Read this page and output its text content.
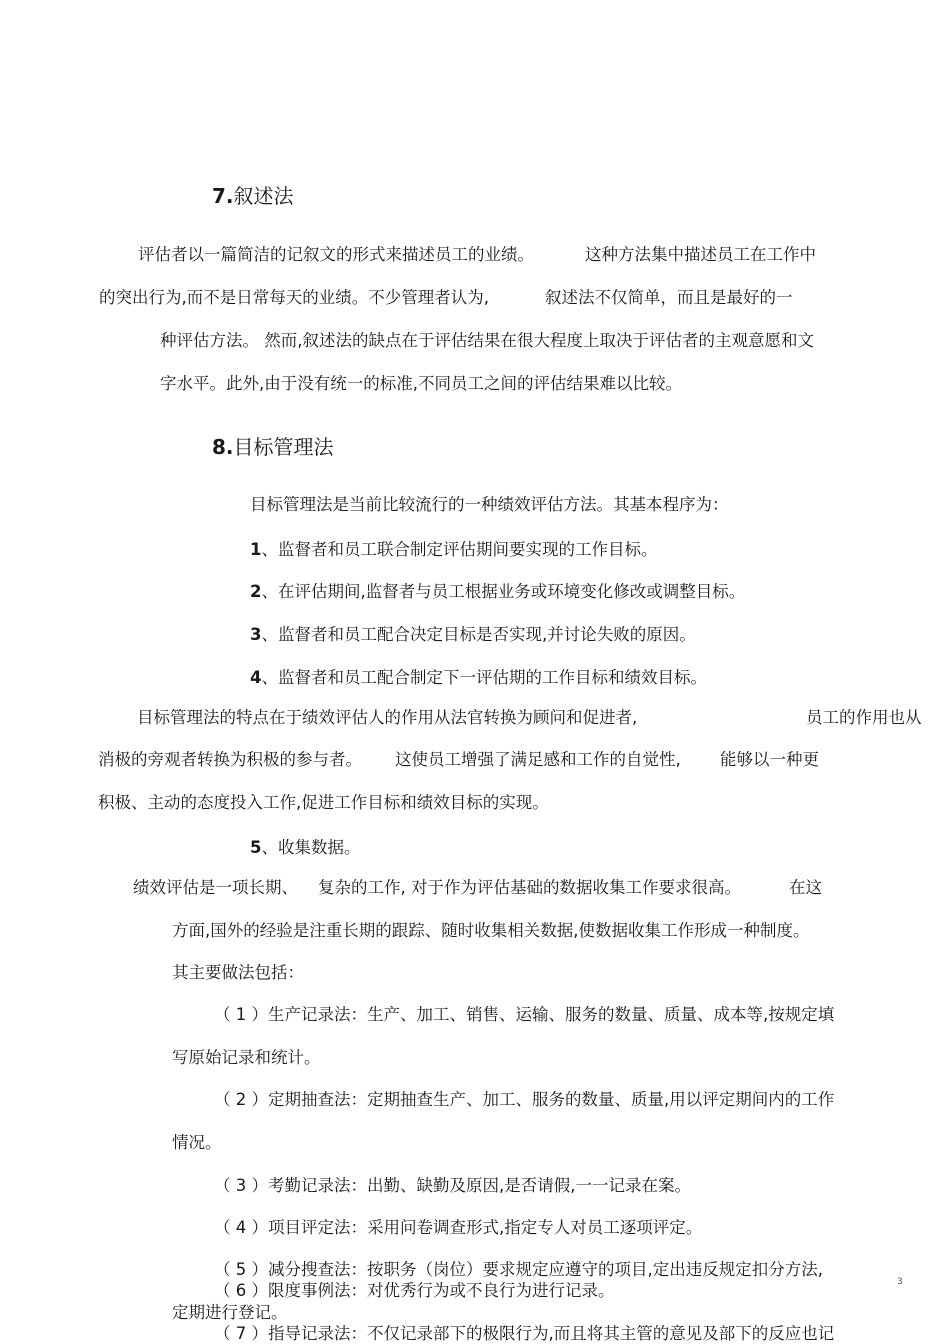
7.叙述法
评估者以一篇简洁的记叙文的形式来描述员工的业绩。	这种方法集中描述员工在工作中
的突出行为,而不是日常每天的业绩。不少管理者认为,	叙述法不仅简单，而且是最好的一
种评估方法。 然而,叙述法的缺点在于评估结果在很大程度上取决于评估者的主观意愿和文
字水平。此外,由于没有统一的标准,不同员工之间的评估结果难以比较。
8.目标管理法
目标管理法是当前比较流行的一种绩效评估方法。其基本程序为：
1、监督者和员工联合制定评估期间要实现的工作目标。
2、在评估期间,监督者与员工根据业务或环境变化修改或调整目标。
3、监督者和员工配合决定目标是否实现,并讨论失败的原因。
4、监督者和员工配合制定下一评估期的工作目标和绩效目标。
目标管理法的特点在于绩效评估人的作用从法官转换为顾问和促进者,	员工的作用也从
消极的旁观者转换为积极的参与者。 这使员工增强了满足感和工作的自觉性, 能够以一种更
积极、主动的态度投入工作,促进工作目标和绩效目标的实现。
5、收集数据。
绩效评估是一项长期、 复杂的工作, 对于作为评估基础的数据收集工作要求很高。	在这
方面,国外的经验是注重长期的跟踪、随时收集相关数据,使数据收集工作形成一种制度。
其主要做法包括：
（ 1 ）生产记录法：生产、加工、销售、运输、服务的数量、质量、成本等,按规定填
写原始记录和统计。
（ 2 ）定期抽查法：定期抽查生产、加工、服务的数量、质量,用以评定期间内的工作
情况。
（ 3 ）考勤记录法：出勤、缺勤及原因,是否请假,一一记录在案。
（ 4 ）项目评定法：采用问卷调查形式,指定专人对员工逐项评定。
（ 5 ）减分搜查法：按职务（岗位）要求规定应遵守的项目,定出违反规定扣分方法,
（ 6 ）限度事例法：对优秀行为或不良行为进行记录。
定期进行登记。
（ 7 ）指导记录法：不仅记录部下的极限行为,而且将其主管的意见及部下的反应也记
3
